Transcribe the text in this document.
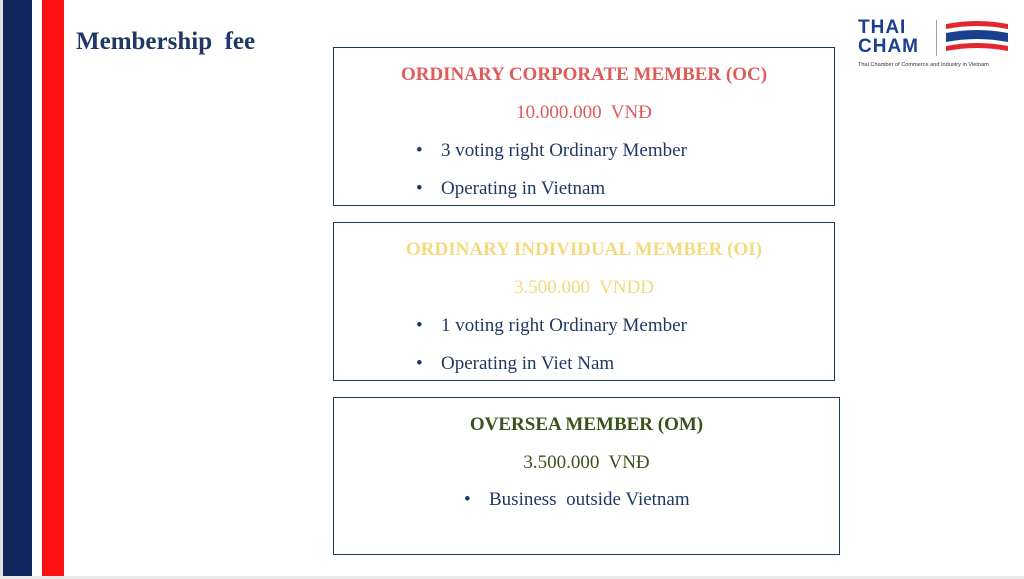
Membership  fee
THAI
CHAM
Thai Chamber of Commerce and Industry in Vietnam
ORDINARY CORPORATE MEMBER (OC)
10.000.000  VNĐ
• 3 voting right Ordinary Member
• Operating in Vietnam
ORDINARY INDIVIDUAL MEMBER (OI)
3.500.000  VNDD
• 1 voting right Ordinary Member
• Operating in Viet Nam
OVERSEA MEMBER (OM)
3.500.000  VNĐ
• Business  outside Vietnam
